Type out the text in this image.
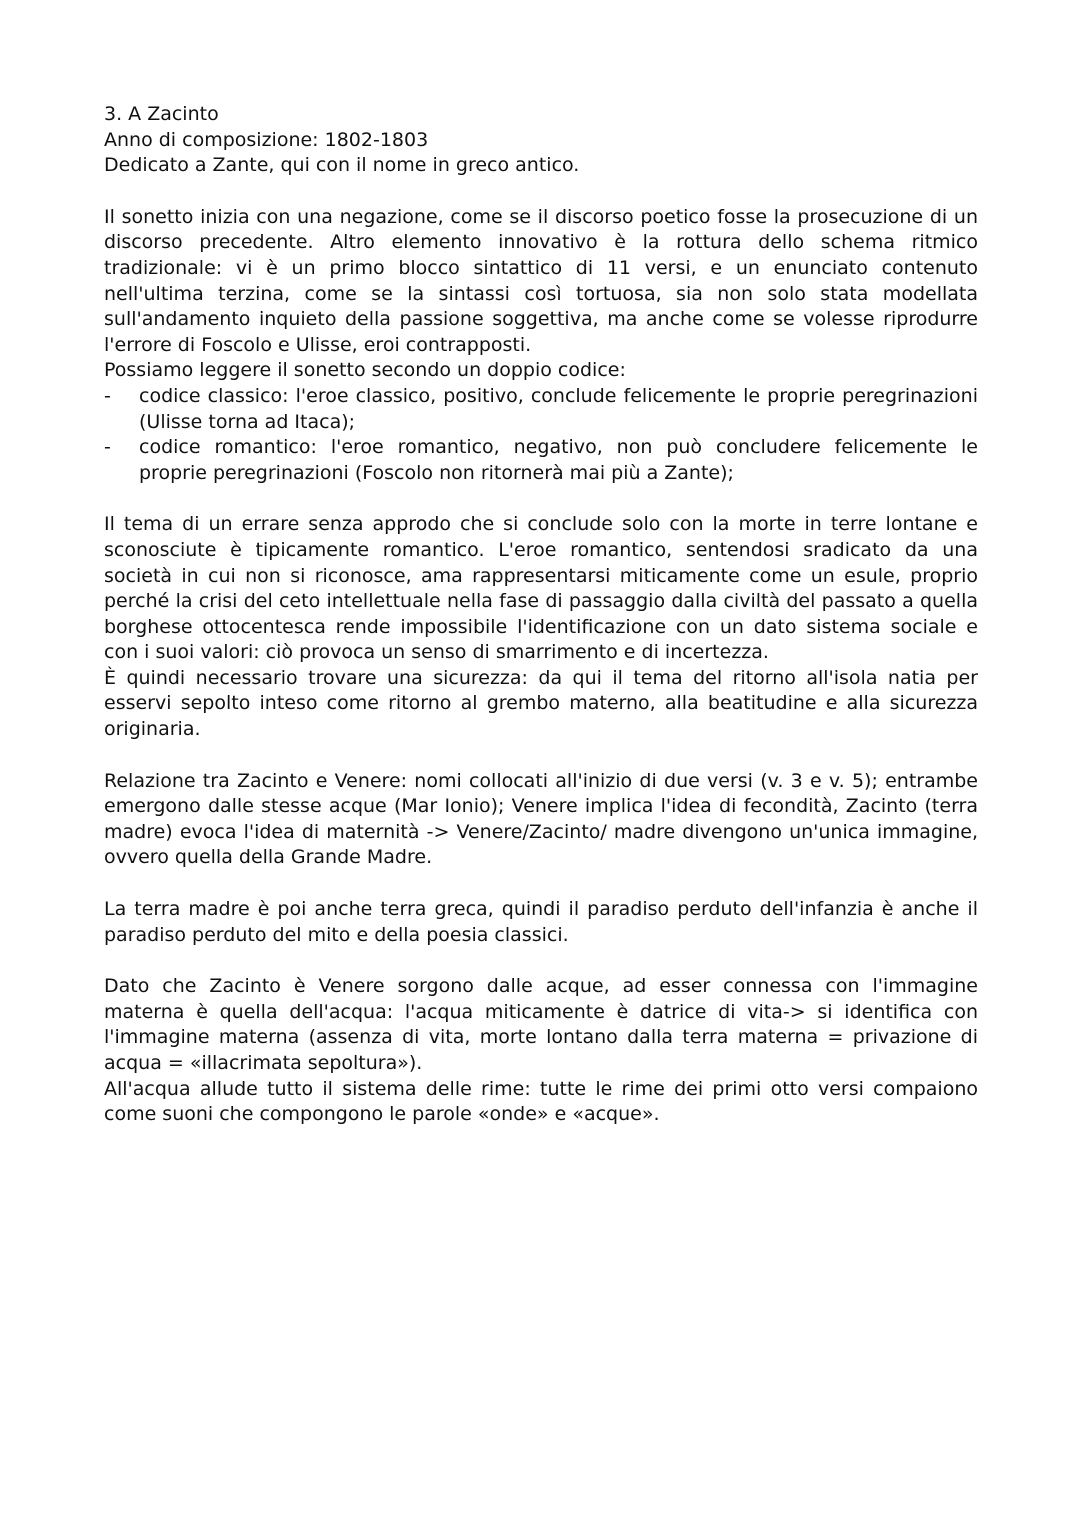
3. A Zacinto

Anno di composizione: 1802-1803

Dedicato a Zante, qui con il nome in greco antico.

Il sonetto inizia con una negazione, come se il discorso poetico fosse la prosecuzione di un discorso precedente. Altro elemento innovativo è la rottura dello schema ritmico tradizionale: vi è un primo blocco sintattico di 11 versi, e un enunciato contenuto nell'ultima terzina, come se la sintassi così tortuosa, sia non solo stata modellata sull'andamento inquieto della passione soggettiva, ma anche come se volesse riprodurre l'errore di Foscolo e Ulisse, eroi contrapposti.

Possiamo leggere il sonetto secondo un doppio codice:

- codice classico: l'eroe classico, positivo, conclude felicemente le proprie peregrinazioni (Ulisse torna ad Itaca);
- codice romantico: l'eroe romantico, negativo, non può concludere felicemente le proprie peregrinazioni (Foscolo non ritornerà mai più a Zante);

Il tema di un errare senza approdo che si conclude solo con la morte in terre lontane e sconosciute è tipicamente romantico. L'eroe romantico, sentendosi sradicato da una società in cui non si riconosce, ama rappresentarsi miticamente come un esule, proprio perché la crisi del ceto intellettuale nella fase di passaggio dalla civiltà del passato a quella borghese ottocentesca rende impossibile l'identificazione con un dato sistema sociale e con i suoi valori: ciò provoca un senso di smarrimento e di incertezza.

È quindi necessario trovare una sicurezza: da qui il tema del ritorno all'isola natia per esservi sepolto inteso come ritorno al grembo materno, alla beatitudine e alla sicurezza originaria.

Relazione tra Zacinto e Venere: nomi collocati all'inizio di due versi (v. 3 e v. 5); entrambe emergono dalle stesse acque (Mar Ionio); Venere implica l'idea di fecondità, Zacinto (terra madre) evoca l'idea di maternità -> Venere/Zacinto/ madre divengono un'unica immagine, ovvero quella della Grande Madre.

La terra madre è poi anche terra greca, quindi il paradiso perduto dell'infanzia è anche il paradiso perduto del mito e della poesia classici.

Dato che Zacinto è Venere sorgono dalle acque, ad esser connessa con l'immagine materna è quella dell'acqua: l'acqua miticamente è datrice di vita-> si identifica con l'immagine materna (assenza di vita, morte lontano dalla terra materna = privazione di acqua = «illacrimata sepoltura»).

All'acqua allude tutto il sistema delle rime: tutte le rime dei primi otto versi compaiono come suoni che compongono le parole «onde» e «acque».
